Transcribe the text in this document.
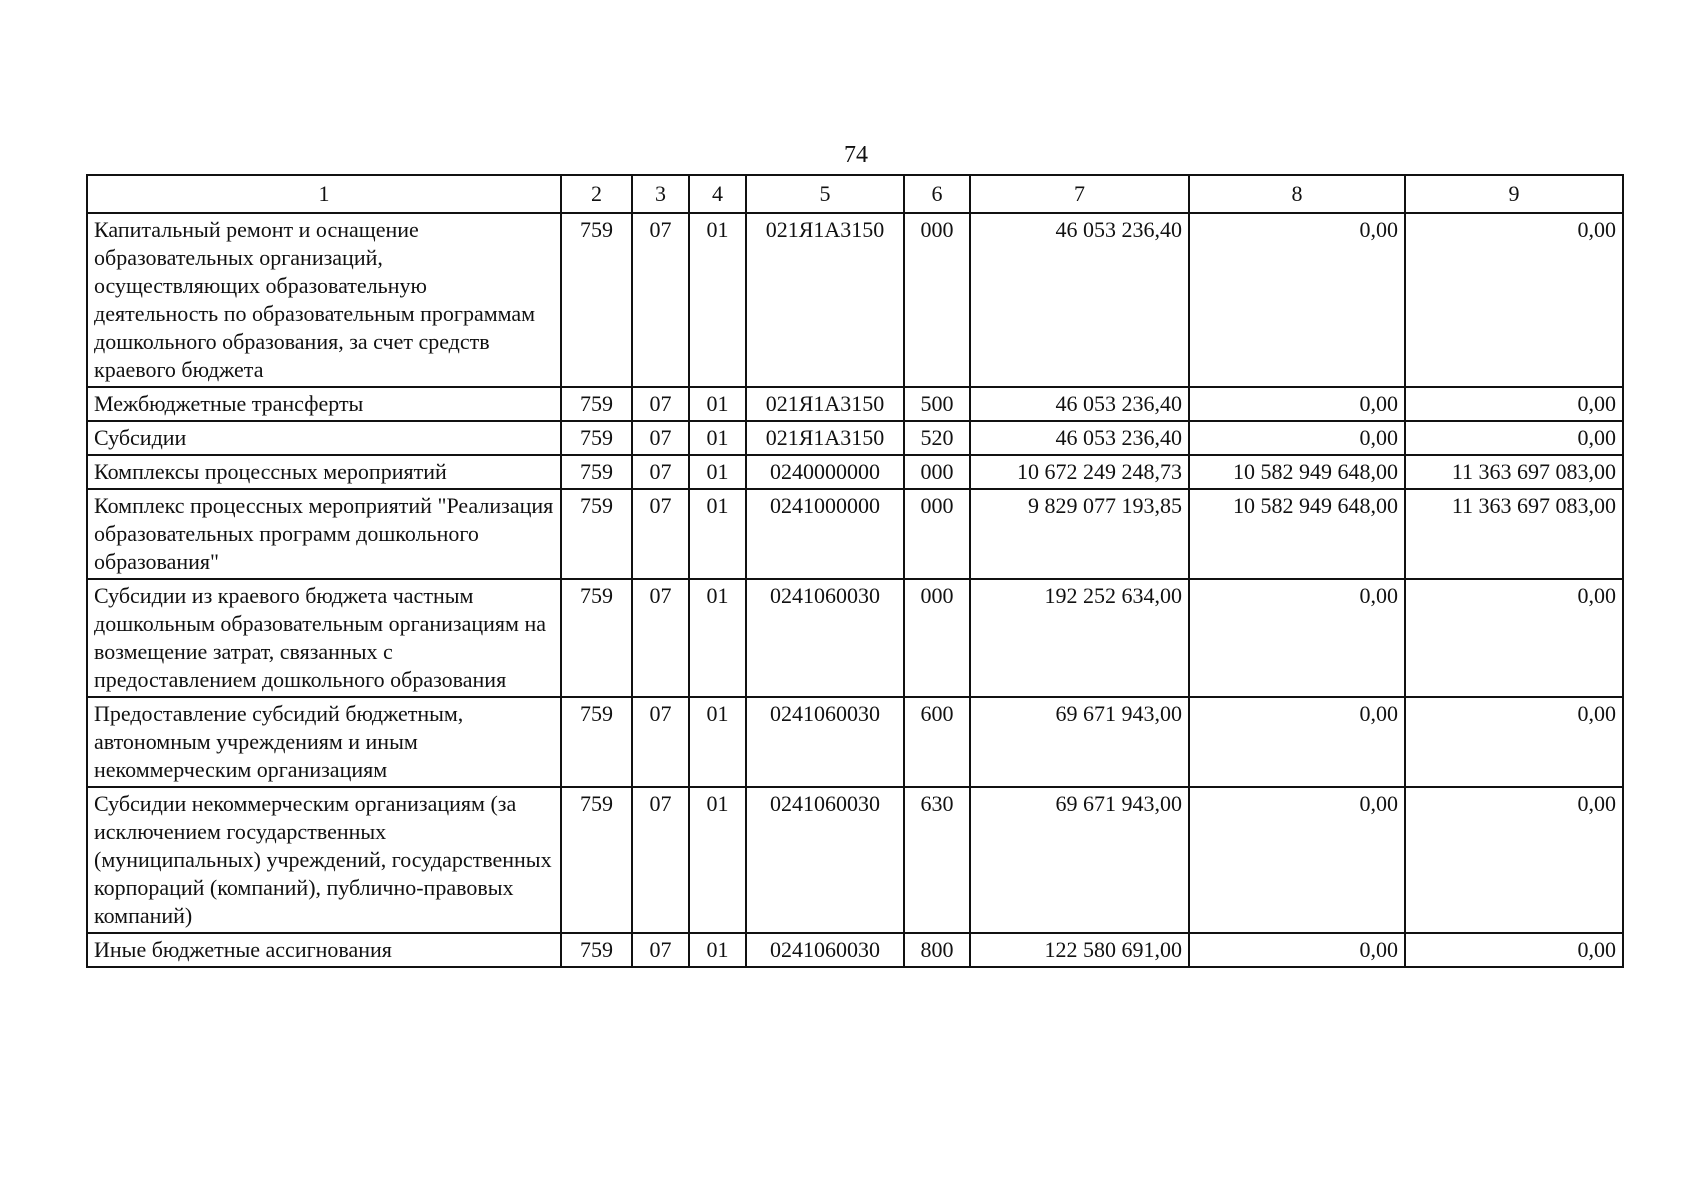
74
1	2	3	4	5	6	7	8	9
Капитальный ремонт и оснащение образовательных организаций, осуществляющих образовательную деятельность по образовательным программам дошкольного образования, за счет средств краевого бюджета	759	07	01	021Я1А3150	000	46 053 236,40	0,00	0,00
Межбюджетные трансферты	759	07	01	021Я1А3150	500	46 053 236,40	0,00	0,00
Субсидии	759	07	01	021Я1А3150	520	46 053 236,40	0,00	0,00
Комплексы процессных мероприятий	759	07	01	0240000000	000	10 672 249 248,73	10 582 949 648,00	11 363 697 083,00
Комплекс процессных мероприятий "Реализация образовательных программ дошкольного образования"	759	07	01	0241000000	000	9 829 077 193,85	10 582 949 648,00	11 363 697 083,00
Субсидии из краевого бюджета частным дошкольным образовательным организациям на возмещение затрат, связанных с предоставлением дошкольного образования	759	07	01	0241060030	000	192 252 634,00	0,00	0,00
Предоставление субсидий бюджетным, автономным учреждениям и иным некоммерческим организациям	759	07	01	0241060030	600	69 671 943,00	0,00	0,00
Субсидии некоммерческим организациям (за исключением государственных (муниципальных) учреждений, государственных корпораций (компаний), публично-правовых компаний)	759	07	01	0241060030	630	69 671 943,00	0,00	0,00
Иные бюджетные ассигнования	759	07	01	0241060030	800	122 580 691,00	0,00	0,00
